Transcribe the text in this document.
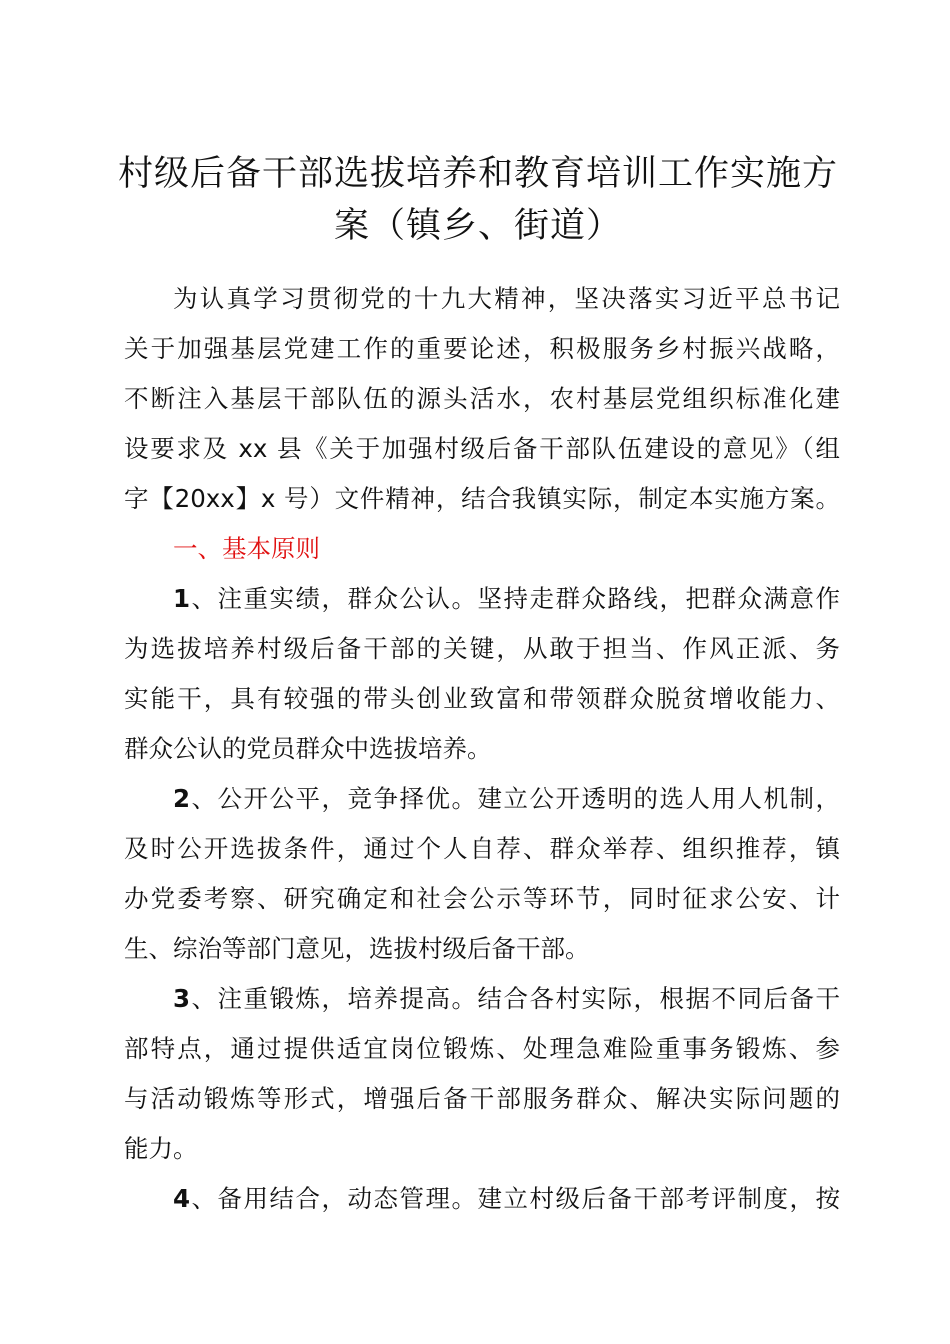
村级后备干部选拔培养和教育培训工作实施方
案（镇乡、街道）
为认真学习贯彻党的十九大精神，坚决落实习近平总书记
关于加强基层党建工作的重要论述，积极服务乡村振兴战略，
不断注入基层干部队伍的源头活水，农村基层党组织标准化建
设要求及 xx 县《关于加强村级后备干部队伍建设的意见》（组
字【20xx】x 号）文件精神，结合我镇实际，制定本实施方案。
一、基本原则
1、注重实绩，群众公认。坚持走群众路线，把群众满意作
为选拔培养村级后备干部的关键，从敢于担当、作风正派、务
实能干，具有较强的带头创业致富和带领群众脱贫增收能力、
群众公认的党员群众中选拔培养。
2、公开公平，竞争择优。建立公开透明的选人用人机制，
及时公开选拔条件，通过个人自荐、群众举荐、组织推荐，镇
办党委考察、研究确定和社会公示等环节，同时征求公安、计
生、综治等部门意见，选拔村级后备干部。
3、注重锻炼，培养提高。结合各村实际，根据不同后备干
部特点，通过提供适宜岗位锻炼、处理急难险重事务锻炼、参
与活动锻炼等形式，增强后备干部服务群众、解决实际问题的
能力。
4、备用结合，动态管理。建立村级后备干部考评制度，按
